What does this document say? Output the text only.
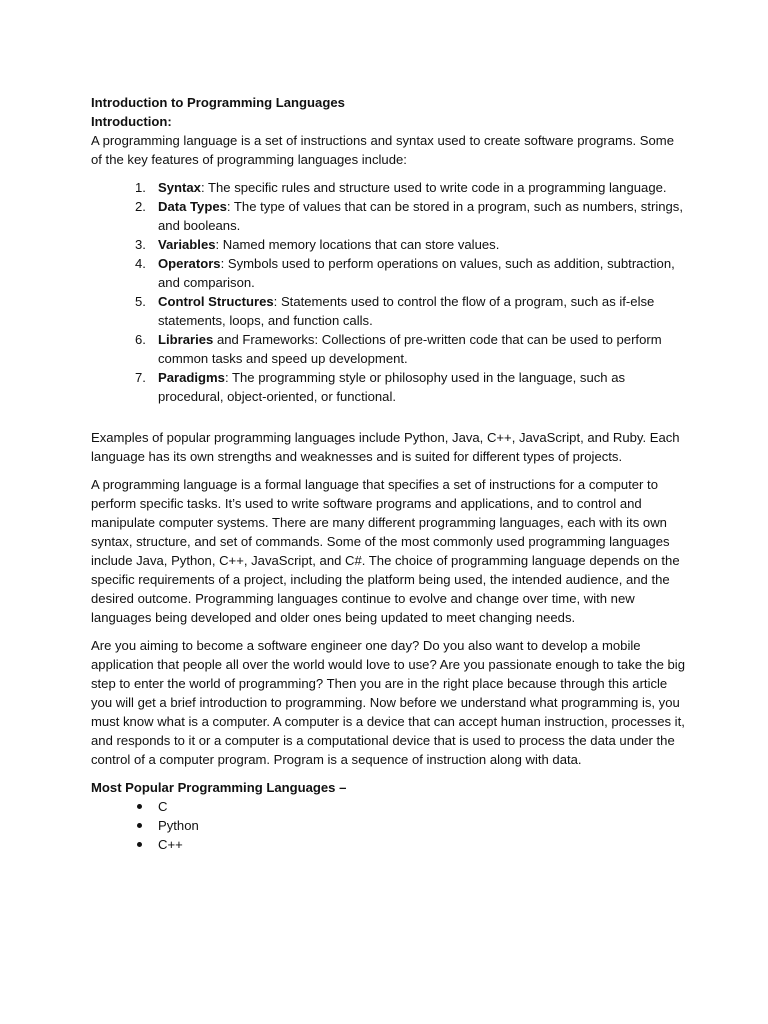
Introduction to Programming Languages
Introduction:

A programming language is a set of instructions and syntax used to create software programs. Some of the key features of programming languages include:

1. Syntax: The specific rules and structure used to write code in a programming language.
2. Data Types: The type of values that can be stored in a program, such as numbers, strings, and booleans.
3. Variables: Named memory locations that can store values.
4. Operators: Symbols used to perform operations on values, such as addition, subtraction, and comparison.
5. Control Structures: Statements used to control the flow of a program, such as if-else statements, loops, and function calls.
6. Libraries and Frameworks: Collections of pre-written code that can be used to perform common tasks and speed up development.
7. Paradigms: The programming style or philosophy used in the language, such as procedural, object-oriented, or functional.

Examples of popular programming languages include Python, Java, C++, JavaScript, and Ruby. Each language has its own strengths and weaknesses and is suited for different types of projects.

A programming language is a formal language that specifies a set of instructions for a computer to perform specific tasks. It’s used to write software programs and applications, and to control and manipulate computer systems. There are many different programming languages, each with its own syntax, structure, and set of commands. Some of the most commonly used programming languages include Java, Python, C++, JavaScript, and C#. The choice of programming language depends on the specific requirements of a project, including the platform being used, the intended audience, and the desired outcome. Programming languages continue to evolve and change over time, with new languages being developed and older ones being updated to meet changing needs.

Are you aiming to become a software engineer one day? Do you also want to develop a mobile application that people all over the world would love to use? Are you passionate enough to take the big step to enter the world of programming? Then you are in the right place because through this article you will get a brief introduction to programming. Now before we understand what programming is, you must know what is a computer. A computer is a device that can accept human instruction, processes it, and responds to it or a computer is a computational device that is used to process the data under the control of a computer program. Program is a sequence of instruction along with data.

Most Popular Programming Languages –
C
Python
C++
